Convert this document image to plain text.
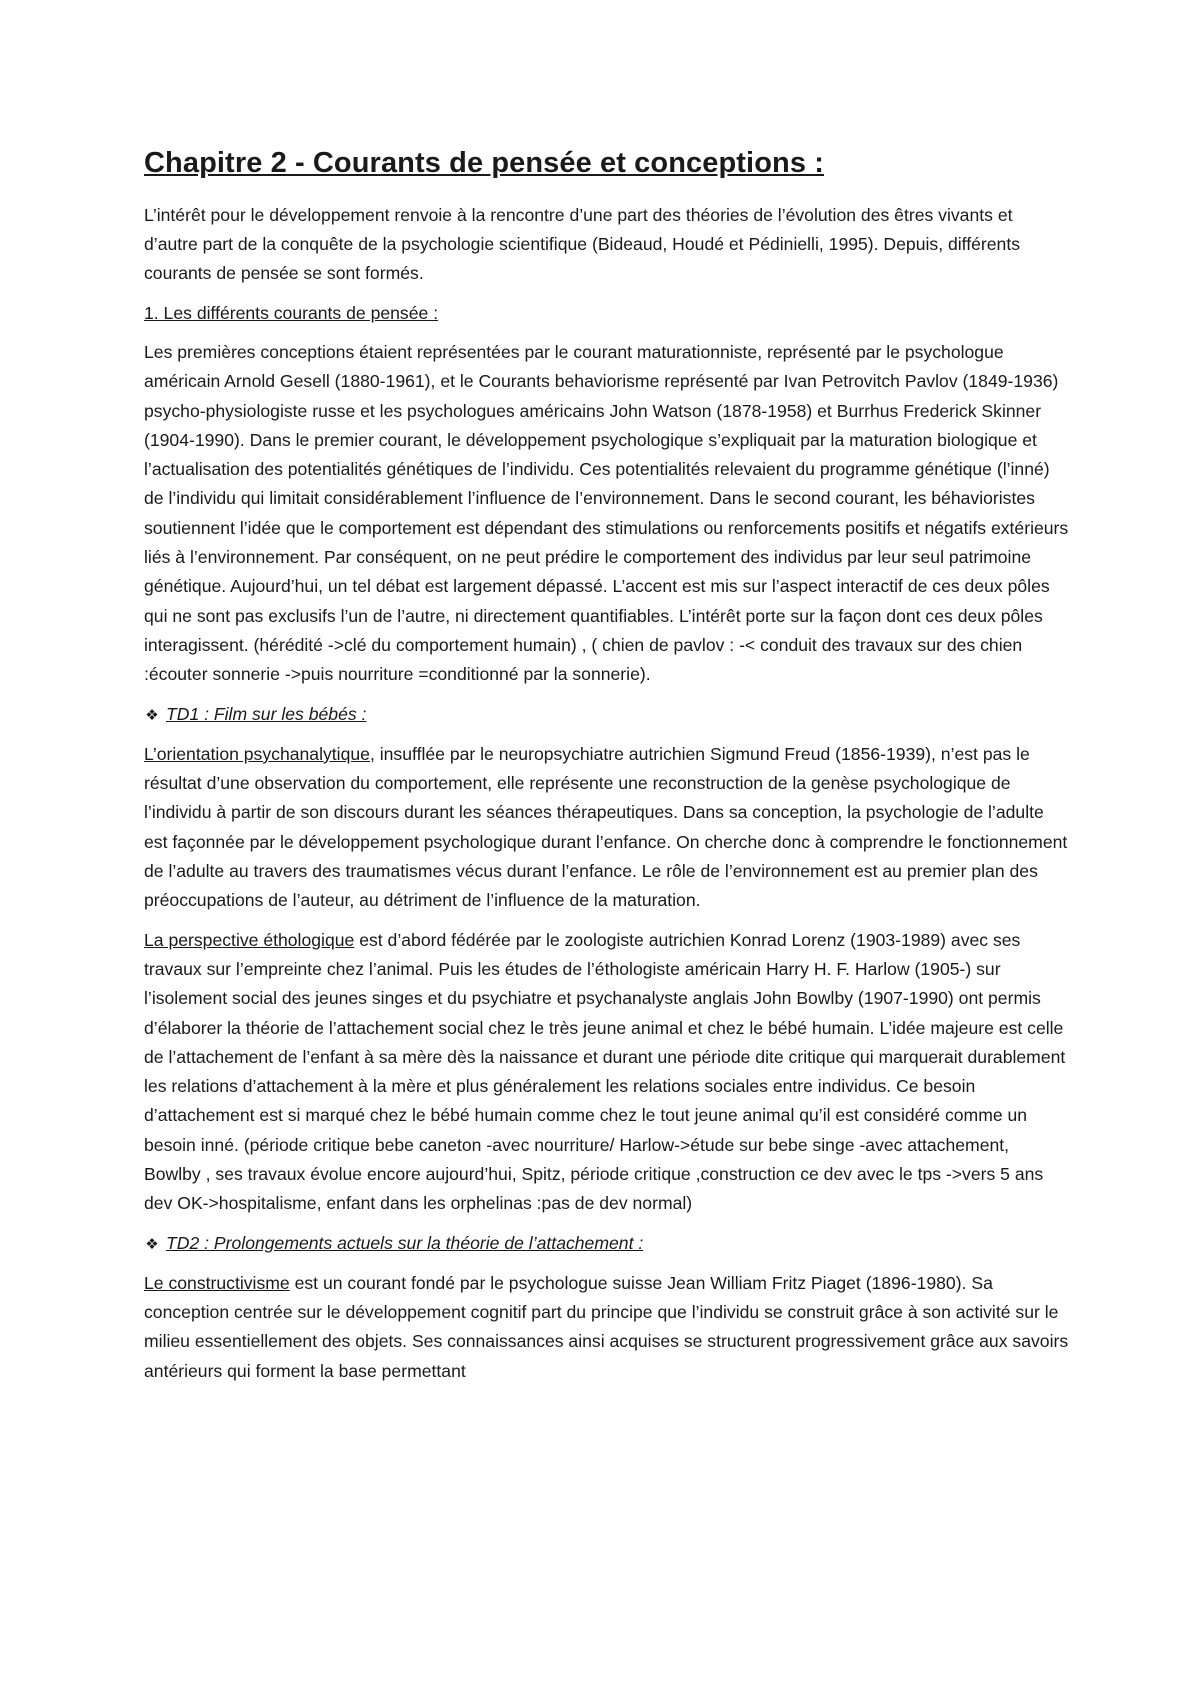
Chapitre 2 - Courants de pensée et conceptions :

L’intérêt pour le développement renvoie à la rencontre d’une part des théories de l’évolution des êtres vivants et d’autre part de la conquête de la psychologie scientifique (Bideaud, Houdé et Pédinielli, 1995). Depuis, différents courants de pensée se sont formés.

1. Les différents courants de pensée :

Les premières conceptions étaient représentées par le courant maturationniste, représenté par le psychologue américain Arnold Gesell (1880-1961), et le Courants behaviorisme représenté par Ivan Petrovitch Pavlov (1849-1936) psycho-physiologiste russe et les psychologues américains John Watson (1878-1958) et Burrhus Frederick Skinner (1904-1990). Dans le premier courant, le développement psychologique s’expliquait par la maturation biologique et l’actualisation des potentialités génétiques de l’individu. Ces potentialités relevaient du programme génétique (l’inné) de l’individu qui limitait considérablement l’influence de l’environnement. Dans le second courant, les béhavioristes soutiennent l’idée que le comportement est dépendant des stimulations ou renforcements positifs et négatifs extérieurs liés à l’environnement. Par conséquent, on ne peut prédire le comportement des individus par leur seul patrimoine génétique. Aujourd’hui, un tel débat est largement dépassé. L’accent est mis sur l’aspect interactif de ces deux pôles qui ne sont pas exclusifs l’un de l’autre, ni directement quantifiables. L’intérêt porte sur la façon dont ces deux pôles interagissent. (hérédité ->clé du comportement humain) , ( chien de pavlov : -< conduit des travaux sur des chien :écouter sonnerie ->puis nourriture =conditionné par la sonnerie).

❖ TD1 : Film sur les bébés :

L’orientation psychanalytique, insufflée par le neuropsychiatre autrichien Sigmund Freud (1856-1939), n’est pas le résultat d’une observation du comportement, elle représente une reconstruction de la genèse psychologique de l’individu à partir de son discours durant les séances thérapeutiques. Dans sa conception, la psychologie de l’adulte est façonnée par le développement psychologique durant l’enfance. On cherche donc à comprendre le fonctionnement de l’adulte au travers des traumatismes vécus durant l’enfance. Le rôle de l’environnement est au premier plan des préoccupations de l’auteur, au détriment de l’influence de la maturation.

La perspective éthologique est d’abord fédérée par le zoologiste autrichien Konrad Lorenz (1903-1989) avec ses travaux sur l’empreinte chez l’animal. Puis les études de l’éthologiste américain Harry H. F. Harlow (1905-) sur l’isolement social des jeunes singes et du psychiatre et psychanalyste anglais John Bowlby (1907-1990) ont permis d’élaborer la théorie de l’attachement social chez le très jeune animal et chez le bébé humain. L’idée majeure est celle de l’attachement de l’enfant à sa mère dès la naissance et durant une période dite critique qui marquerait durablement les relations d’attachement à la mère et plus généralement les relations sociales entre individus. Ce besoin d’attachement est si marqué chez le bébé humain comme chez le tout jeune animal qu’il est considéré comme un besoin inné. (période critique bebe caneton -avec nourriture/ Harlow->étude sur bebe singe -avec attachement, Bowlby , ses travaux évolue encore aujourd’hui, Spitz, période critique ,construction ce dev avec le tps ->vers 5 ans dev OK->hospitalisme, enfant dans les orphelinas :pas de dev normal)

❖ TD2 : Prolongements actuels sur la théorie de l’attachement :

Le constructivisme est un courant fondé par le psychologue suisse Jean William Fritz Piaget (1896-1980). Sa conception centrée sur le développement cognitif part du principe que l’individu se construit grâce à son activité sur le milieu essentiellement des objets. Ses connaissances ainsi acquises se structurent progressivement grâce aux savoirs antérieurs qui forment la base permettant
